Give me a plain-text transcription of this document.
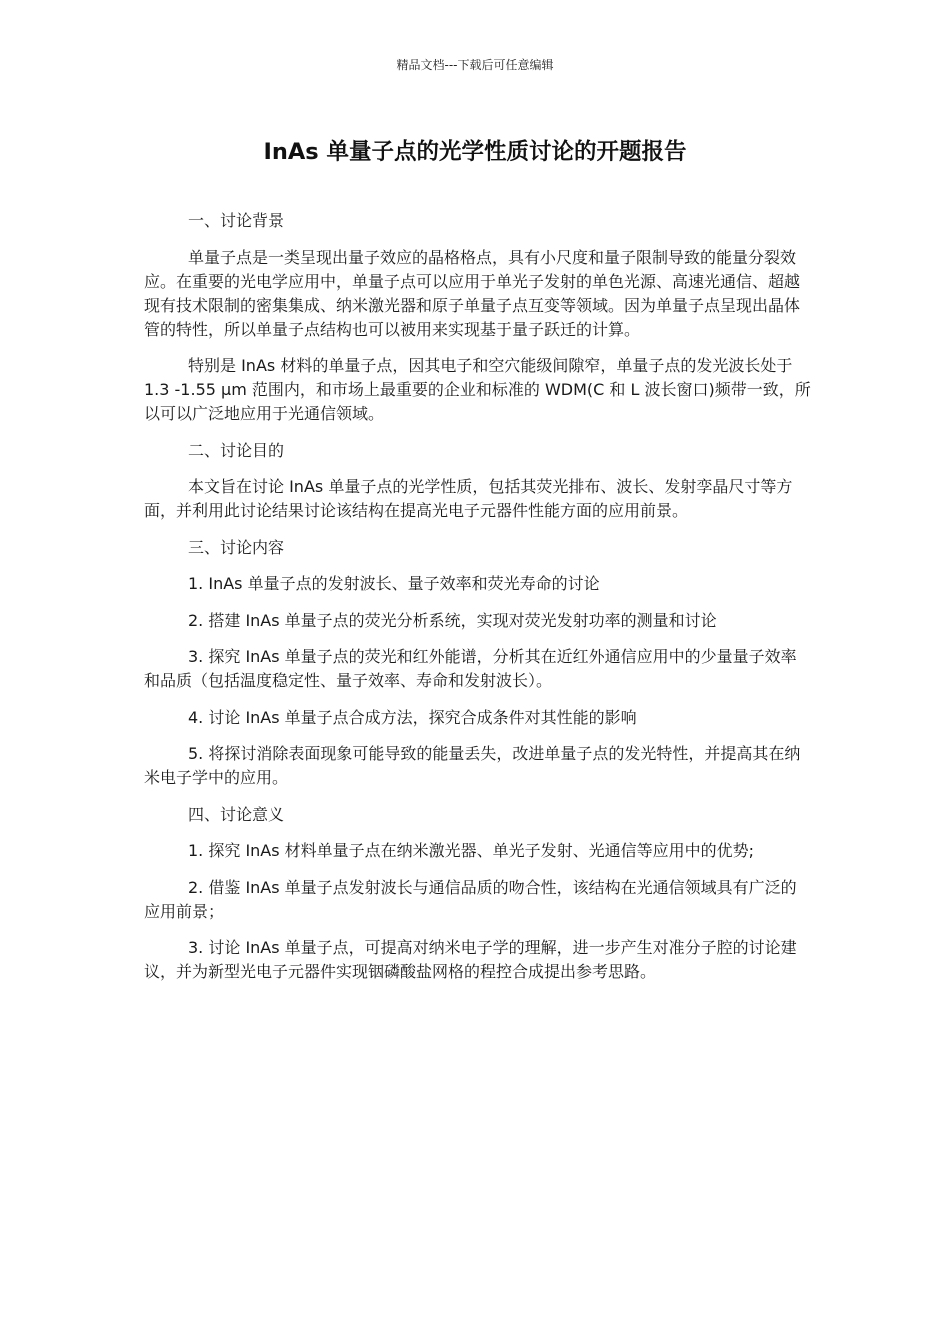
精品文档---下载后可任意编辑
InAs 单量子点的光学性质讨论的开题报告

一、讨论背景

单量子点是一类呈现出量子效应的晶格格点，具有小尺度和量子限制导致的能量分裂效应。在重要的光电学应用中，单量子点可以应用于单光子发射的单色光源、高速光通信、超越现有技术限制的密集集成、纳米激光器和原子单量子点互变等领域。因为单量子点呈现出晶体管的特性，所以单量子点结构也可以被用来实现基于量子跃迁的计算。

特别是 InAs 材料的单量子点，因其电子和空穴能级间隙窄，单量子点的发光波长处于 1.3 -1.55 μm 范围内，和市场上最重要的企业和标准的 WDM(C 和 L 波长窗口)频带一致，所以可以广泛地应用于光通信领域。

二、讨论目的

本文旨在讨论 InAs 单量子点的光学性质，包括其荧光排布、波长、发射孪晶尺寸等方面，并利用此讨论结果讨论该结构在提高光电子元器件性能方面的应用前景。

三、讨论内容

1. InAs 单量子点的发射波长、量子效率和荧光寿命的讨论

2. 搭建 InAs 单量子点的荧光分析系统，实现对荧光发射功率的测量和讨论

3. 探究 InAs 单量子点的荧光和红外能谱，分析其在近红外通信应用中的少量量子效率和品质（包括温度稳定性、量子效率、寿命和发射波长）。

4. 讨论 InAs 单量子点合成方法，探究合成条件对其性能的影响

5. 将探讨消除表面现象可能导致的能量丢失，改进单量子点的发光特性，并提高其在纳米电子学中的应用。

四、讨论意义

1. 探究 InAs 材料单量子点在纳米激光器、单光子发射、光通信等应用中的优势;

2. 借鉴 InAs 单量子点发射波长与通信品质的吻合性，该结构在光通信领域具有广泛的应用前景；

3. 讨论 InAs 单量子点，可提高对纳米电子学的理解，进一步产生对准分子腔的讨论建议，并为新型光电子元器件实现铟磷酸盐网格的程控合成提出参考思路。
